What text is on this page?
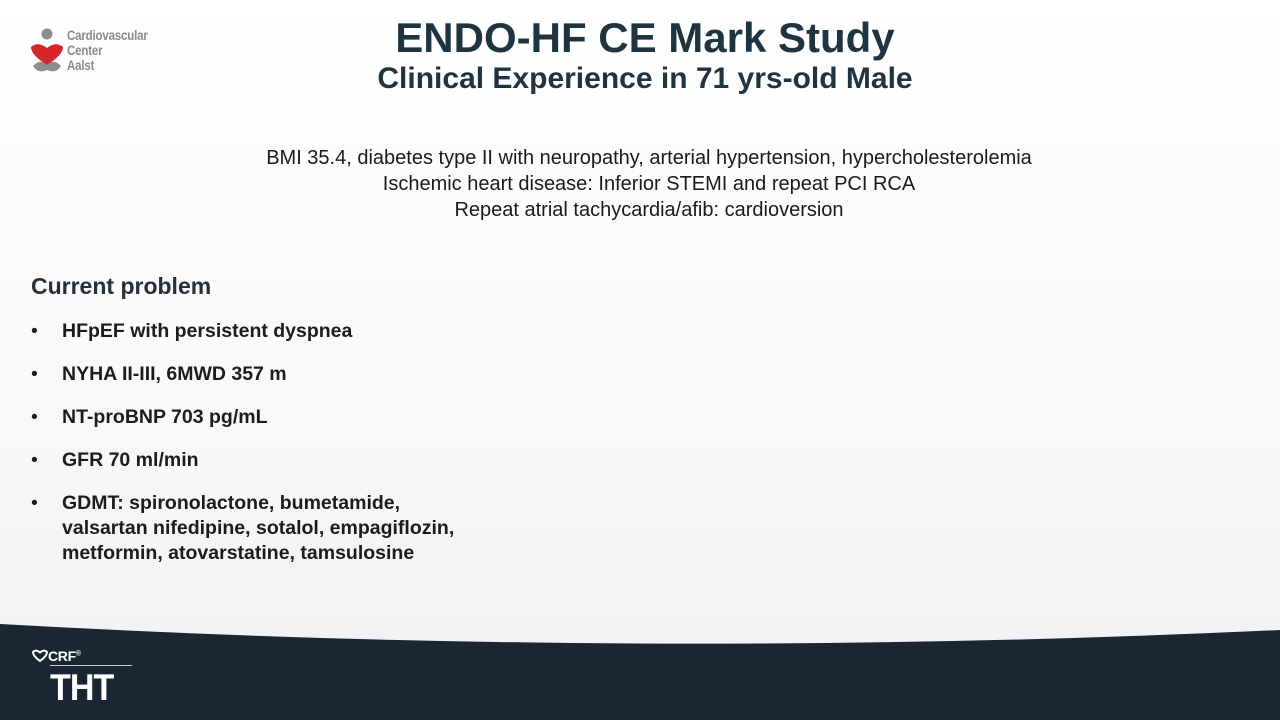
Cardiovascular
Center
Aalst
ENDO-HF CE Mark Study
Clinical Experience in 71 yrs-old Male
BMI 35.4, diabetes type II with neuropathy, arterial hypertension, hypercholesterolemia
Ischemic heart disease: Inferior STEMI and repeat PCI RCA
Repeat atrial tachycardia/afib: cardioversion
Current problem
• HFpEF with persistent dyspnea
• NYHA II-III, 6MWD 357 m
• NT-proBNP 703 pg/mL
• GFR 70 ml/min
• GDMT: spironolactone, bumetamide, valsartan nifedipine, sotalol, empagiflozin, metformin, atovarstatine, tamsulosine
CRF®
THT
